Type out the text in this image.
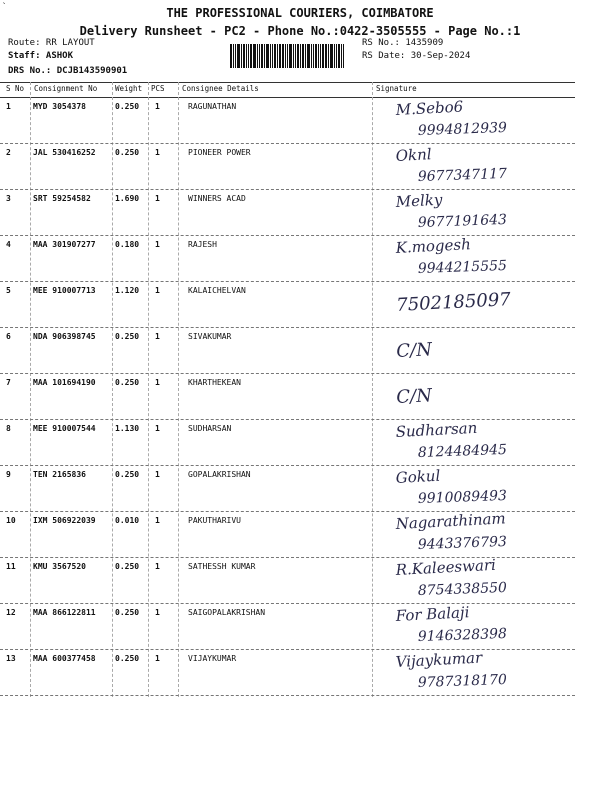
`	THE PROFESSIONAL COURIERS, COIMBATORE
Delivery Runsheet - PC2 - Phone No.:0422-3505555 - Page No.:1
Route: RR LAYOUT
Staff: ASHOK
DRS No.: DCJB143590901
RS No.: 1435909
RS Date: 30-Sep-2024
S No Consignment No Weight PCS Consignee Details	Signature
1	MYD 3054378	0.250 1	RAGUNATHAN	M.Sebo6
9994812939
2	JAL 530416252 0.250 1	PIONEER POWER	Oknl
9677347117
3	SRT 59254582	1.690 1	WINNERS ACAD	Melky
9677191643
4	MAA 301907277 0.180 1	RAJESH	K.mogesh
9944215555
5	MEE 910007713 1.120 1	KALAICHELVAN	7502185097
6	NDA 906398745 0.250 1	SIVAKUMAR
C/N
7	MAA 101694190 0.250 1	KHARTHEKEAN
C/N
8	MEE 910007544 1.130 1	SUDHARSAN	Sudharsan
8124484945
9	TEN 2165836	0.250 1	GOPALAKRISHAN	Gokul
9910089493
10 IXM 506922039 0.010 1	PAKUTHARIVU	Nagarathinam
9443376793
11 KMU 3567520	0.250 1	SATHESSH KUMAR	R.Kaleeswari
8754338550
12 MAA 866122811 0.250 1	SAIGOPALAKRISHAN	For Balaji
9146328398
13 MAA 600377458 0.250 1	VIJAYKUMAR	Vijaykumar
9787318170
